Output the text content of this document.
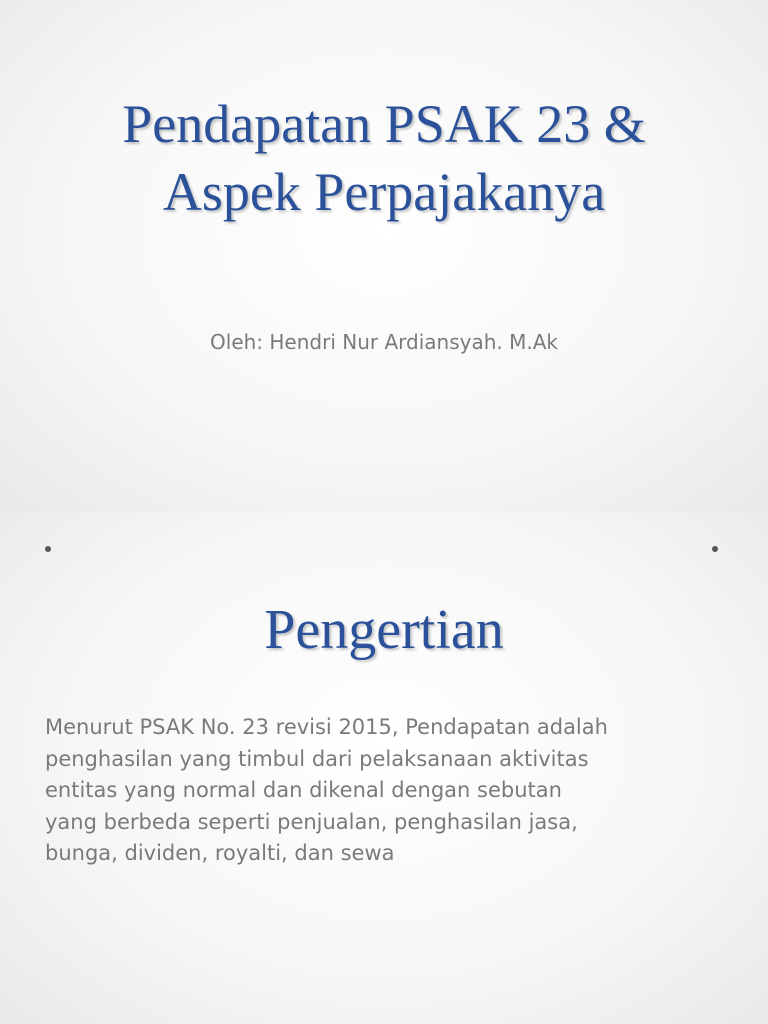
Pendapatan PSAK 23 &
Aspek Perpajakanya

Oleh: Hendri Nur Ardiansyah. M.Ak

Pengertian

Menurut PSAK No. 23 revisi 2015, Pendapatan adalah
penghasilan yang timbul dari pelaksanaan aktivitas
entitas yang normal dan dikenal dengan sebutan
yang berbeda seperti penjualan, penghasilan jasa,
bunga, dividen, royalti, dan sewa
